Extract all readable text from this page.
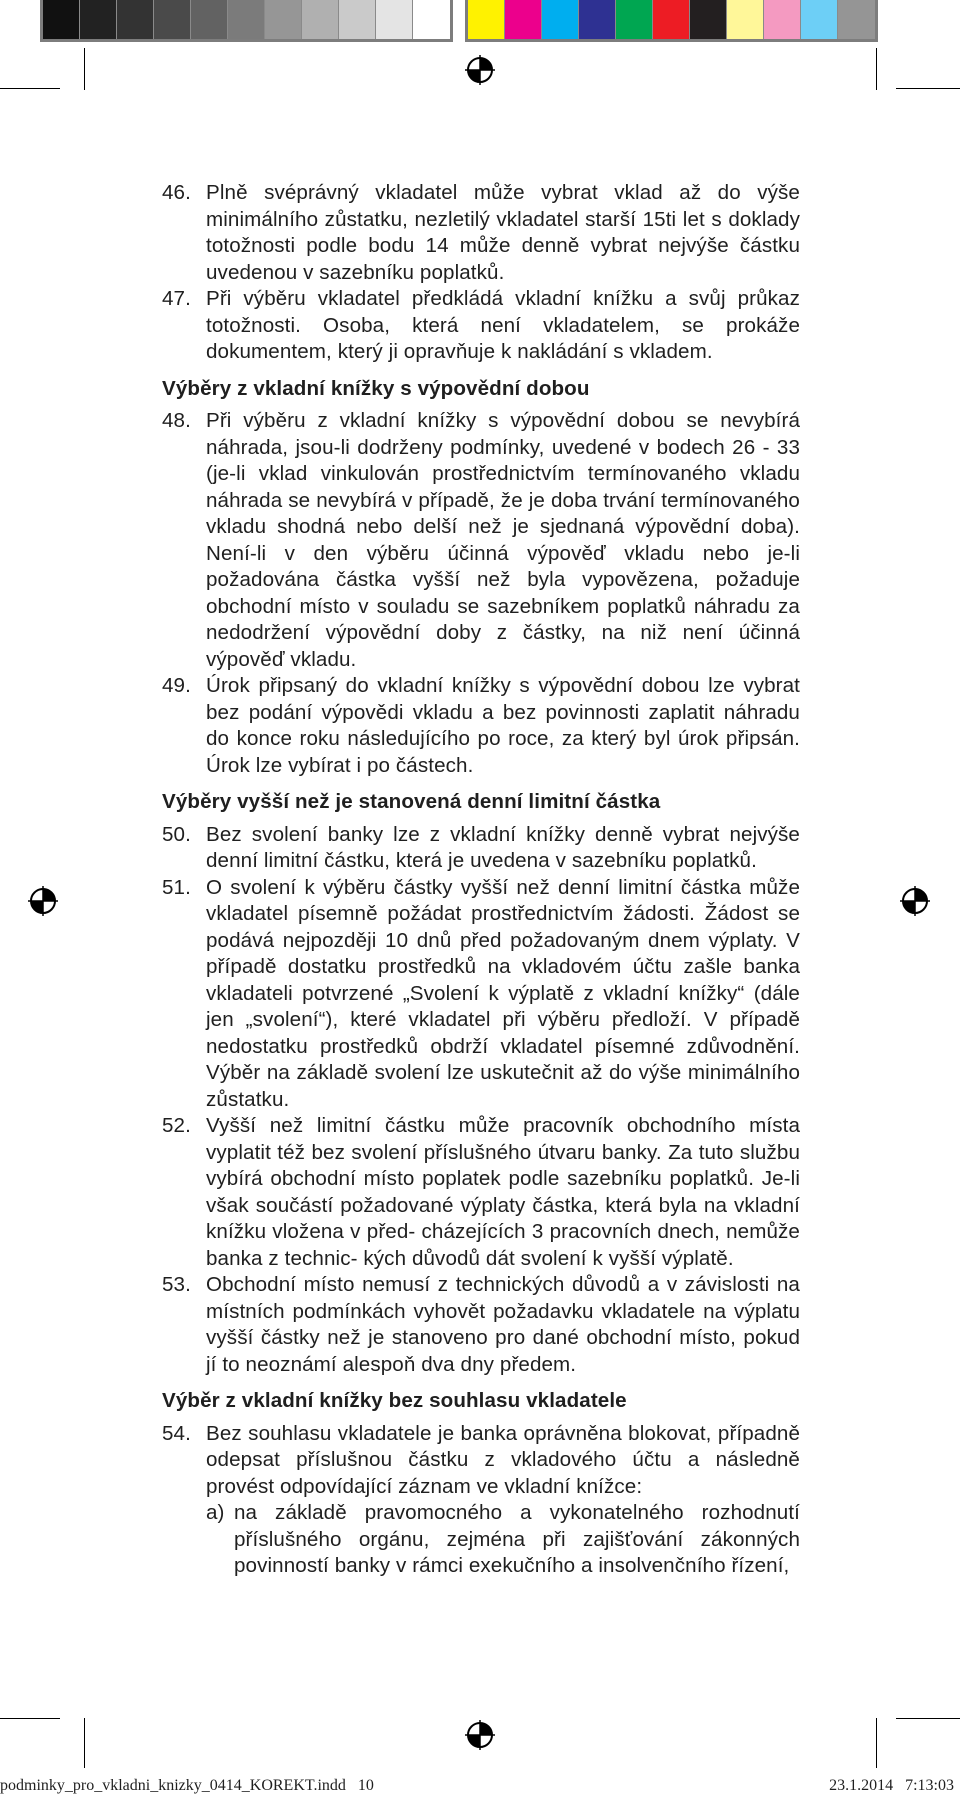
46. Plně svéprávný vkladatel může vybrat vklad až do výše minimálního zůstatku, nezletilý vkladatel starší 15ti let s doklady totožnosti podle bodu 14 může denně vybrat nejvýše částku uvedenou v sazebníku poplatků.
47. Při výběru vkladatel předkládá vkladní knížku a svůj průkaz totožnosti. Osoba, která není vkladatelem, se prokáže dokumentem, který ji opravňuje k nakládání s vkladem.
Výběry z vkladní knížky s výpovědní dobou
48. Při výběru z vkladní knížky s výpovědní dobou se nevybírá náhrada, jsou-li dodrženy podmínky, uvedené v bodech 26 - 33 (je-li vklad vinkulován prostřednictvím termínovaného vkladu náhrada se nevybírá v případě, že je doba trvání termínovaného vkladu shodná nebo delší než je sjednaná výpovědní doba). Není-li v den výběru účinná výpověď vkladu nebo je-li požadována částka vyšší než byla vypovězena, požaduje obchodní místo v souladu se sazebníkem poplatků náhradu za nedodržení výpovědní doby z částky, na niž není účinná výpověď vkladu.
49. Úrok připsaný do vkladní knížky s výpovědní dobou lze vybrat bez podání výpovědi vkladu a bez povinnosti zaplatit náhradu do konce roku následujícího po roce, za který byl úrok připsán. Úrok lze vybírat i po částech.
Výběry vyšší než je stanovená denní limitní částka
50. Bez svolení banky lze z vkladní knížky denně vybrat nejvýše denní limitní částku, která je uvedena v sazebníku poplatků.
51. O svolení k výběru částky vyšší než denní limitní částka může vkladatel písemně požádat prostřednictvím žádosti. Žádost se podává nejpozději 10 dnů před požadovaným dnem výplaty. V případě dostatku prostředků na vkladovém účtu zašle banka vkladateli potvrzené „Svolení k výplatě z vkladní knížky“ (dále jen „svolení“), které vkladatel při výběru předloží. V případě nedostatku prostředků obdrží vkladatel písemné zdůvodnění. Výběr na základě svolení lze uskutečnit až do výše minimálního zůstatku.
52. Vyšší než limitní částku může pracovník obchodního místa vyplatit též bez svolení příslušného útvaru banky. Za tuto službu vybírá obchodní místo poplatek podle sazebníku poplatků. Je-li však součástí požadované výplaty částka, která byla na vkladní knížku vložena v před- cházejících 3 pracovních dnech, nemůže banka z technic- kých důvodů dát svolení k vyšší výplatě.
53. Obchodní místo nemusí z technických důvodů a v závislosti na místních podmínkách vyhovět požadavku vkladatele na výplatu vyšší částky než je stanoveno pro dané obchodní místo, pokud jí to neoznámí alespoň dva dny předem.
Výběr z vkladní knížky bez souhlasu vkladatele
54. Bez souhlasu vkladatele je banka oprávněna blokovat, případně odepsat příslušnou částku z vkladového účtu a následně provést odpovídající záznam ve vkladní knížce:
a) na základě pravomocného a vykonatelného rozhodnutí příslušného orgánu, zejména při zajišťování zákonných povinností banky v rámci exekučního a insolvenčního řízení,
podminky_pro_vkladni_knizky_0414_KOREKT.indd   10	23.1.2014   7:13:03
